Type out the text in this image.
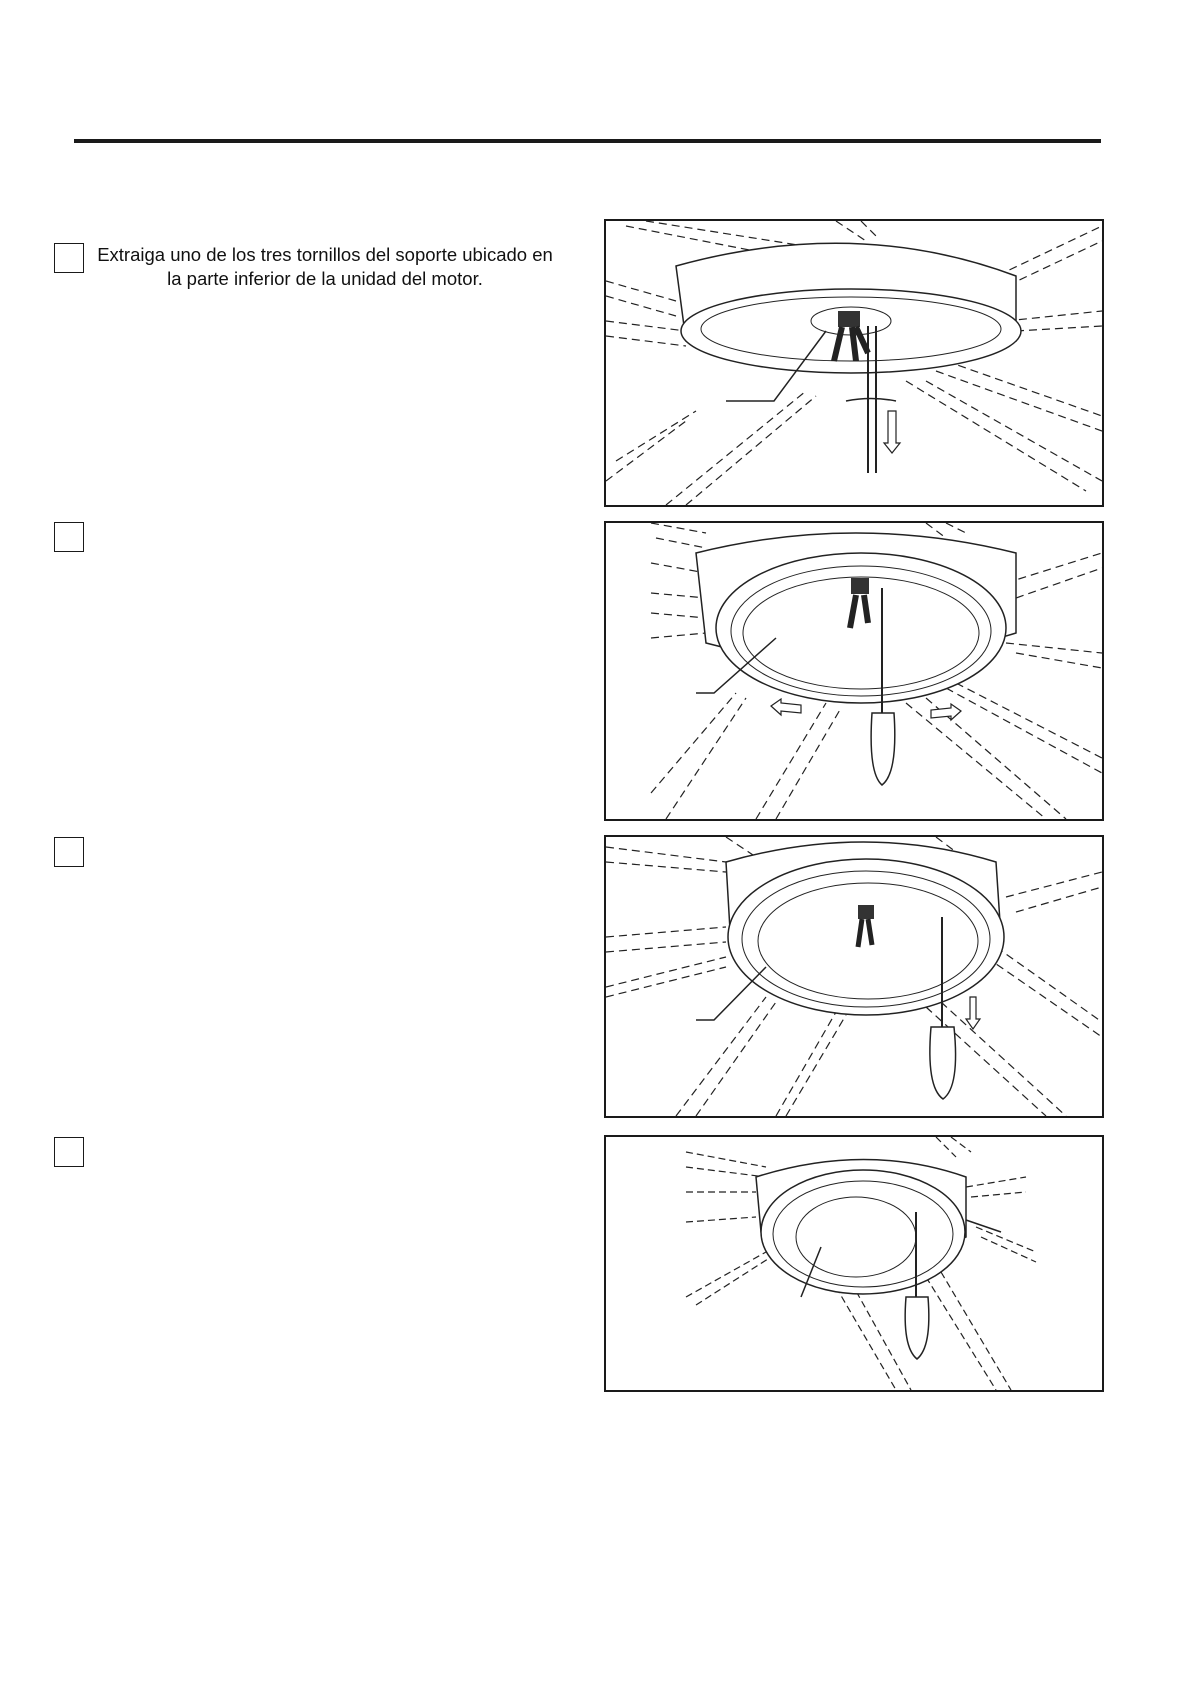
Extraiga uno de los tres tornillos del soporte ubicado en la parte inferior de la unidad del motor.
